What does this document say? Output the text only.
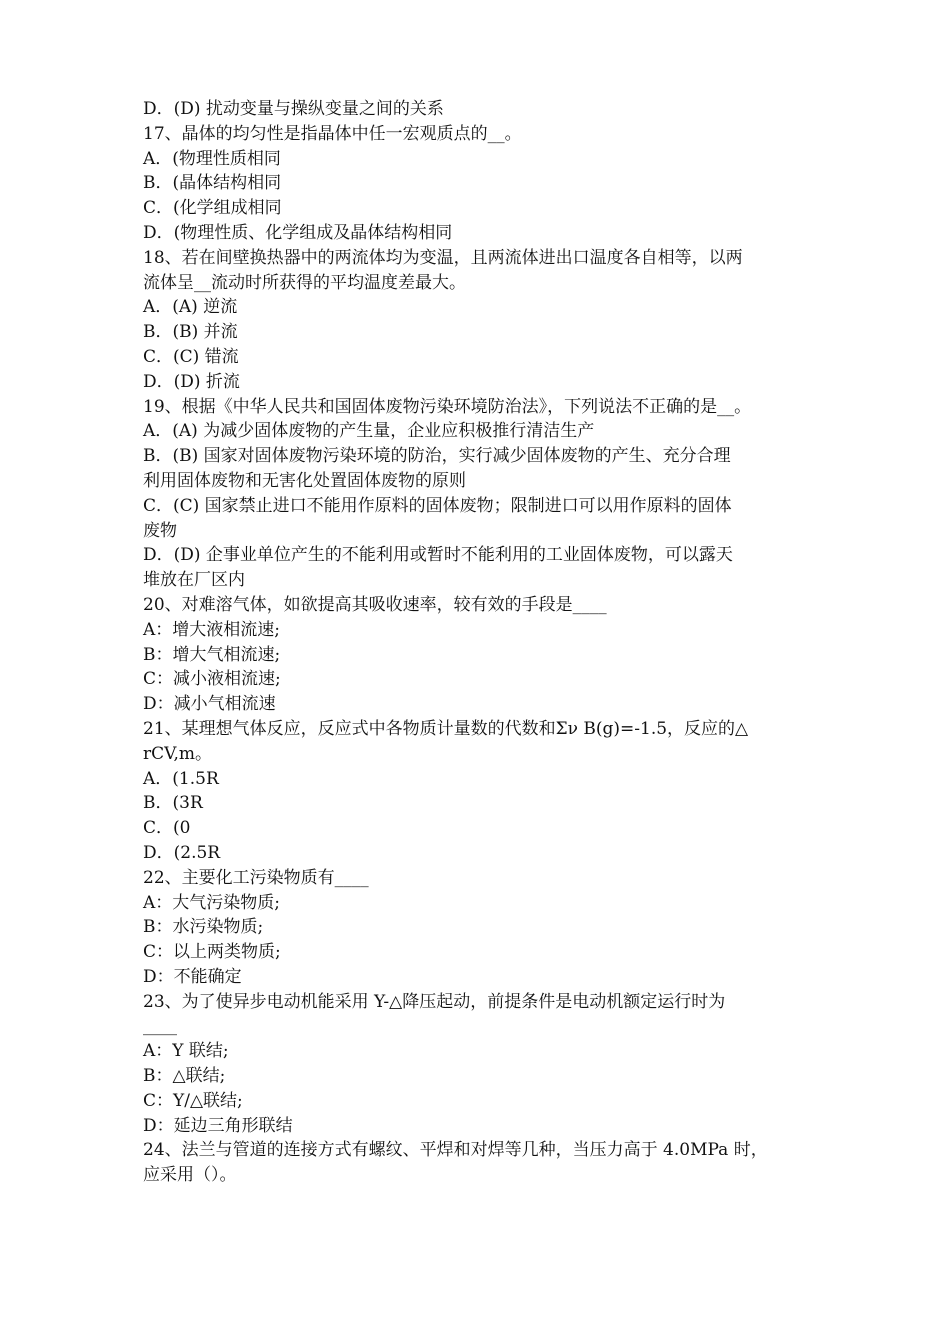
D．(D) 扰动变量与操纵变量之间的关系
17、晶体的均匀性是指晶体中任一宏观质点的__。
A．(物理性质相同
B．(晶体结构相同
C．(化学组成相同
D．(物理性质、化学组成及晶体结构相同
18、若在间壁换热器中的两流体均为变温，且两流体进出口温度各自相等，以两
流体呈__流动时所获得的平均温度差最大。
A．(A) 逆流
B．(B) 并流
C．(C) 错流
D．(D) 折流
19、根据《中华人民共和国固体废物污染环境防治法》，下列说法不正确的是__。
A．(A) 为减少固体废物的产生量，企业应积极推行清洁生产
B．(B) 国家对固体废物污染环境的防治，实行减少固体废物的产生、充分合理
利用固体废物和无害化处置固体废物的原则
C．(C) 国家禁止进口不能用作原料的固体废物；限制进口可以用作原料的固体
废物
D．(D) 企事业单位产生的不能利用或暂时不能利用的工业固体废物，可以露天
堆放在厂区内
20、对难溶气体，如欲提高其吸收速率，较有效的手段是____
A：增大液相流速;
B：增大气相流速;
C：减小液相流速;
D：减小气相流速
21、某理想气体反应，反应式中各物质计量数的代数和Σν B(g)=-1.5，反应的△
rCV,m。
A．(1.5R
B．(3R
C．(0
D．(2.5R
22、主要化工污染物质有____
A：大气污染物质;
B：水污染物质;
C：以上两类物质;
D：不能确定
23、为了使异步电动机能采用 Y-△降压起动，前提条件是电动机额定运行时为
____
A：Y 联结;
B：△联结;
C：Y/△联结;
D：延边三角形联结
24、法兰与管道的连接方式有螺纹、平焊和对焊等几种，当压力高于 4.0MPa 时，
应采用（）。
